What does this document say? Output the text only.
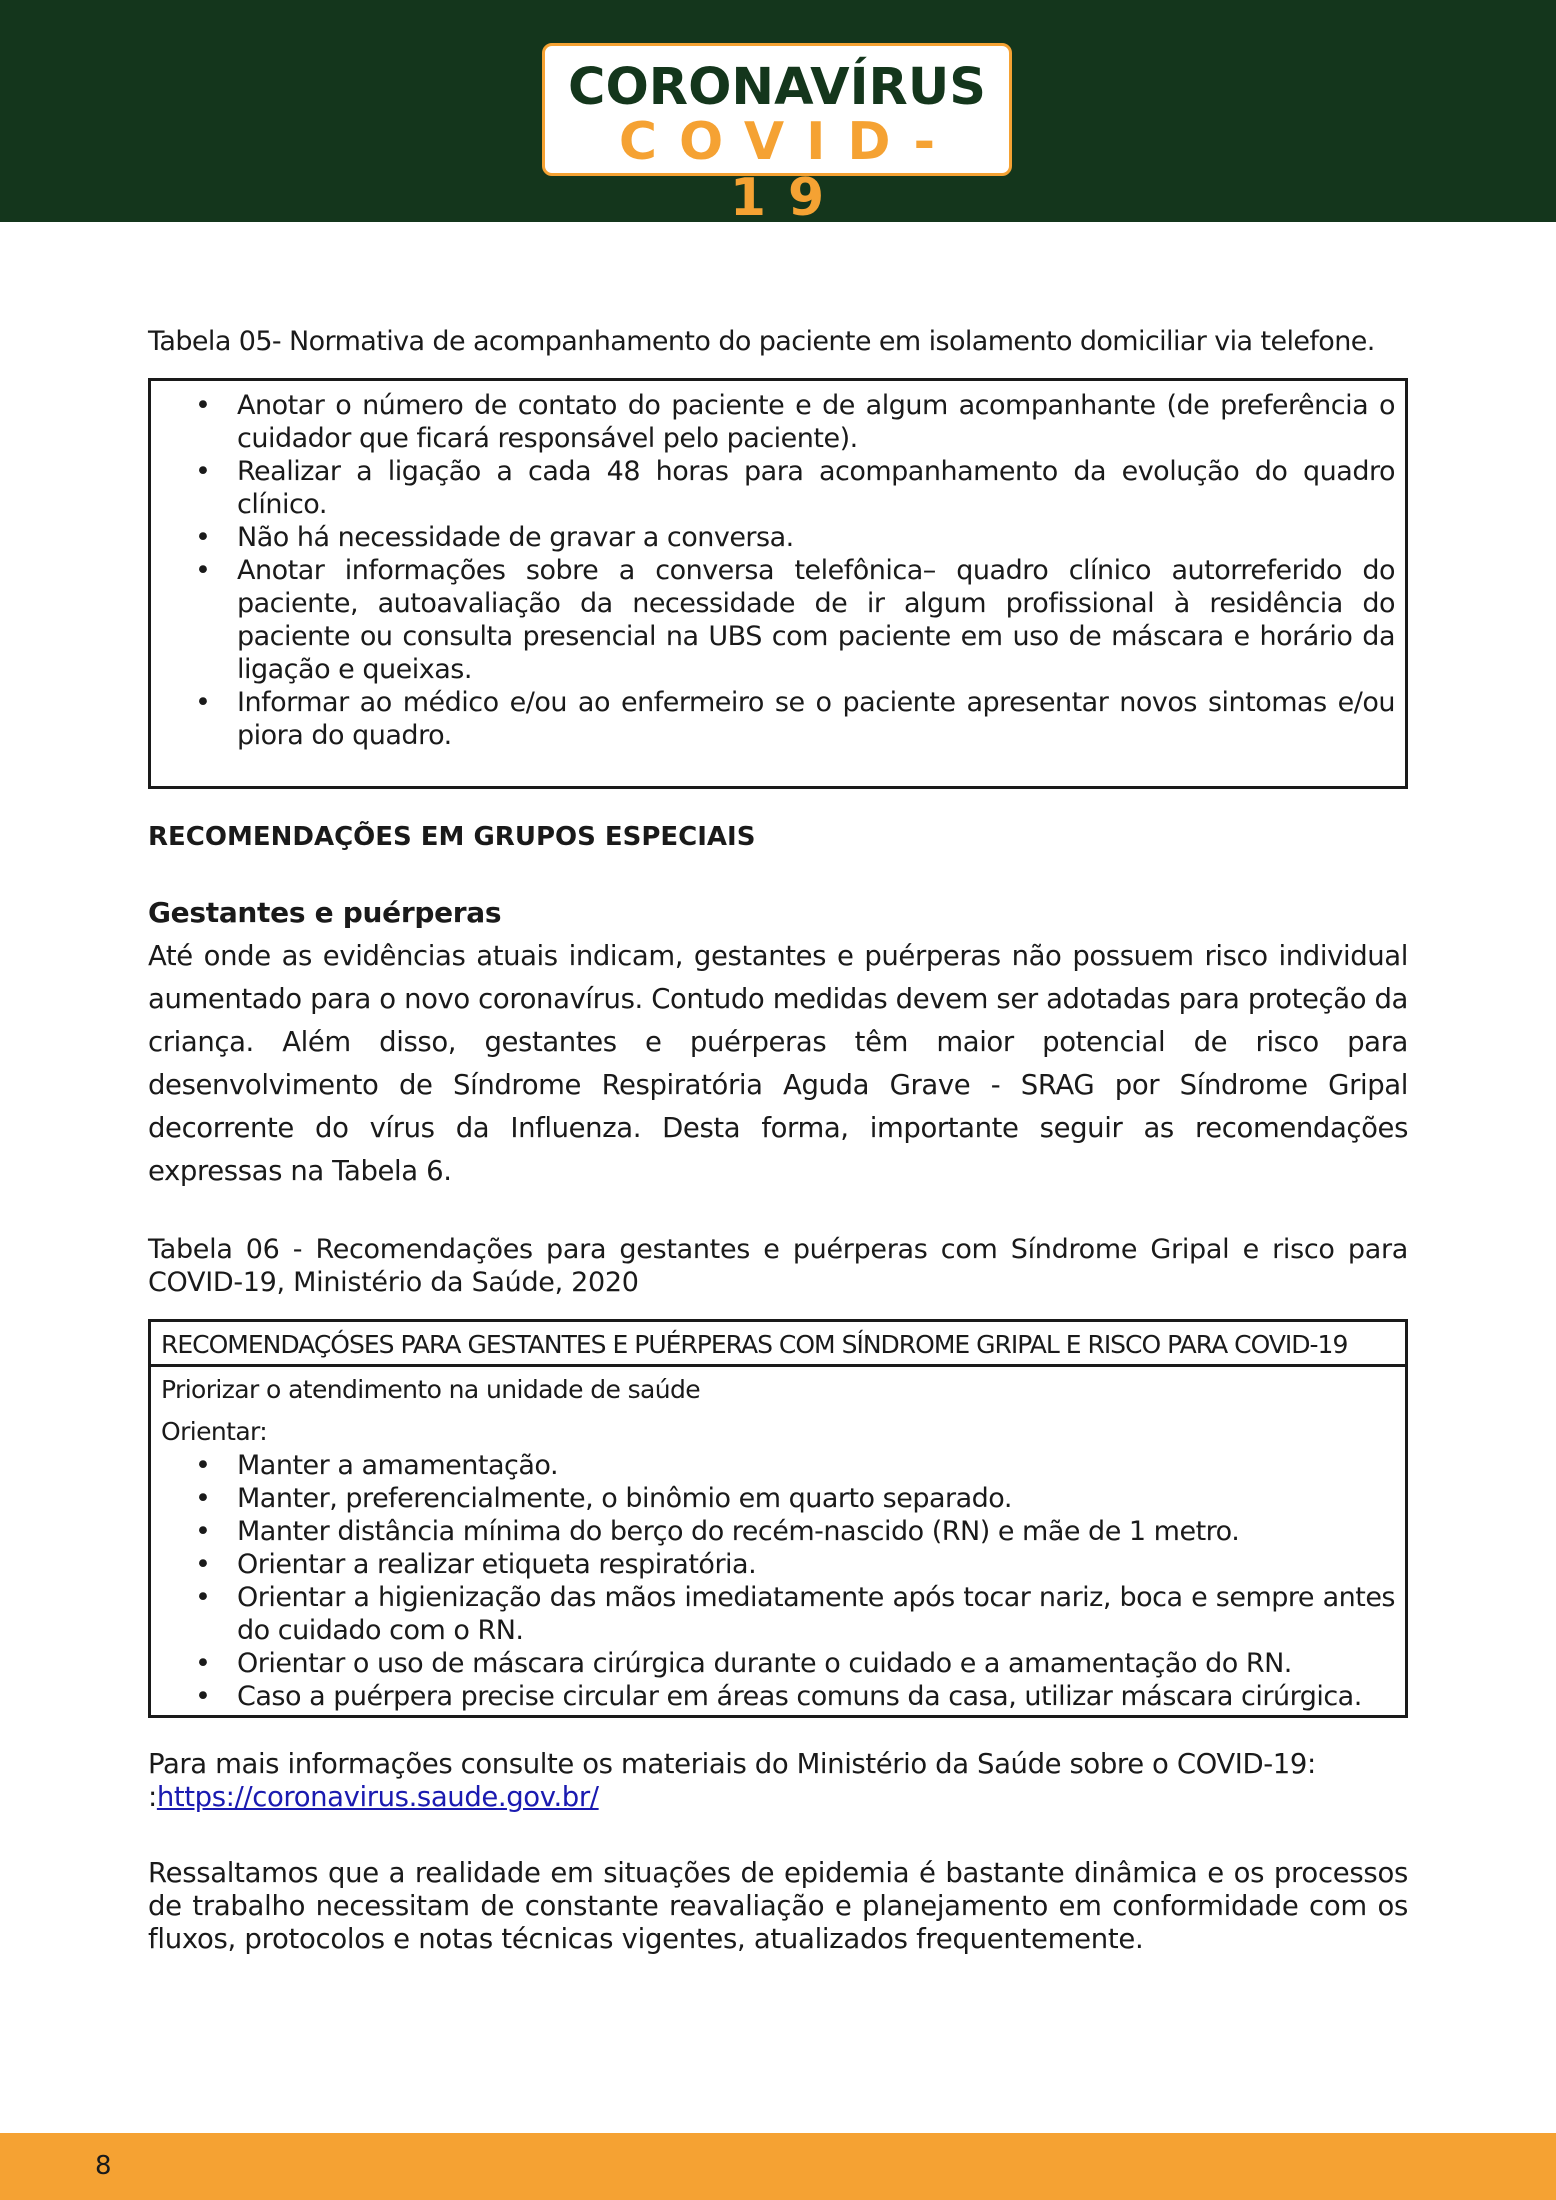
CORONAVÍRUS
COVID-19

Tabela 05- Normativa de acompanhamento do paciente em isolamento domiciliar via telefone.

• Anotar o número de contato do paciente e de algum acompanhante (de preferência o cuidador que ficará responsável pelo paciente).
• Realizar a ligação a cada 48 horas para acompanhamento da evolução do quadro clínico.
• Não há necessidade de gravar a conversa.
• Anotar informações sobre a conversa telefônica– quadro clínico autorreferido do paciente, autoavaliação da necessidade de ir algum profissional à residência do paciente ou consulta presencial na UBS com paciente em uso de máscara e horário da ligação e queixas.
• Informar ao médico e/ou ao enfermeiro se o paciente apresentar novos sintomas e/ou piora do quadro.
RECOMENDAÇÕES EM GRUPOS ESPECIAIS
Gestantes e puérperas

Até onde as evidências atuais indicam, gestantes e puérperas não possuem risco individual aumentado para o novo coronavírus. Contudo medidas devem ser adotadas para proteção da criança. Além disso, gestantes e puérperas têm maior potencial de risco para desenvolvimento de Síndrome Respiratória Aguda Grave - SRAG por Síndrome Gripal decorrente do vírus da Influenza. Desta forma, importante seguir as recomendações expressas na Tabela 6.

Tabela 06 - Recomendações para gestantes e puérperas com Síndrome Gripal e risco para COVID-19, Ministério da Saúde, 2020

RECOMENDAÇÓSES PARA GESTANTES E PUÉRPERAS COM SÍNDROME GRIPAL E RISCO PARA COVID-19
Priorizar o atendimento na unidade de saúde
Orientar:
• Manter a amamentação.
• Manter, preferencialmente, o binômio em quarto separado.
• Manter distância mínima do berço do recém-nascido (RN) e mãe de 1 metro.
• Orientar a realizar etiqueta respiratória.
• Orientar a higienização das mãos imediatamente após tocar nariz, boca e sempre antes do cuidado com o RN.
• Orientar o uso de máscara cirúrgica durante o cuidado e a amamentação do RN.
• Caso a puérpera precise circular em áreas comuns da casa, utilizar máscara cirúrgica.

Para mais informações consulte os materiais do Ministério da Saúde sobre o COVID-19: :https://coronavirus.saude.gov.br/

Ressaltamos que a realidade em situações de epidemia é bastante dinâmica e os processos de trabalho necessitam de constante reavaliação e planejamento em conformidade com os fluxos, protocolos e notas técnicas vigentes, atualizados frequentemente.

8
